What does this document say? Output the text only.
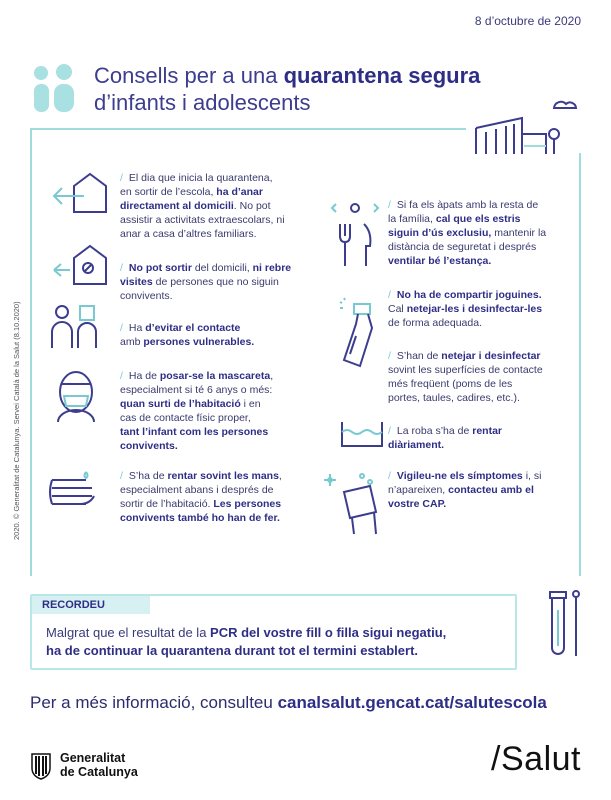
8 d’octubre de 2020
Consells per a una quarantena segura
d’infants i adolescents
2020. © Generalitat de Catalunya. Servei Català de la Salut (8.10.2020)
/ El dia que inicia la quarantena,
en sortir de l’escola, ha d’anar
directament al domicili. No pot
assistir a activitats extraescolars, ni
anar a casa d’altres familiars.
/ No pot sortir del domicili, ni rebre
visites de persones que no siguin
convivents.
/ Ha d’evitar el contacte
amb persones vulnerables.
/ Ha de posar-se la mascareta,
especialment si té 6 anys o més:
quan surti de l’habitació i en
cas de contacte físic proper,
tant l’infant com les persones
convivents.
/ S’ha de rentar sovint les mans,
especialment abans i després de
sortir de l’habitació. Les persones
convivents també ho han de fer.
/ Si fa els àpats amb la resta de
la família, cal que els estris
siguin d’ús exclusiu, mantenir la
distància de seguretat i després
ventilar bé l’estança.
/ No ha de compartir joguines.
Cal netejar-les i desinfectar-les
de forma adequada.
/ S’han de netejar i desinfectar
sovint les superfícies de contacte
més freqüent (poms de les
portes, taules, cadires, etc.).
/ La roba s’ha de rentar
diàriament.
/ Vigileu-ne els símptomes i, si
n’apareixen, contacteu amb el
vostre CAP.
RECORDEU
Malgrat que el resultat de la PCR del vostre fill o filla sigui negatiu,
ha de continuar la quarantena durant tot el termini establert.
Per a més informació, consulteu canalsalut.gencat.cat/salutescola
Generalitat
de Catalunya	/Salut
